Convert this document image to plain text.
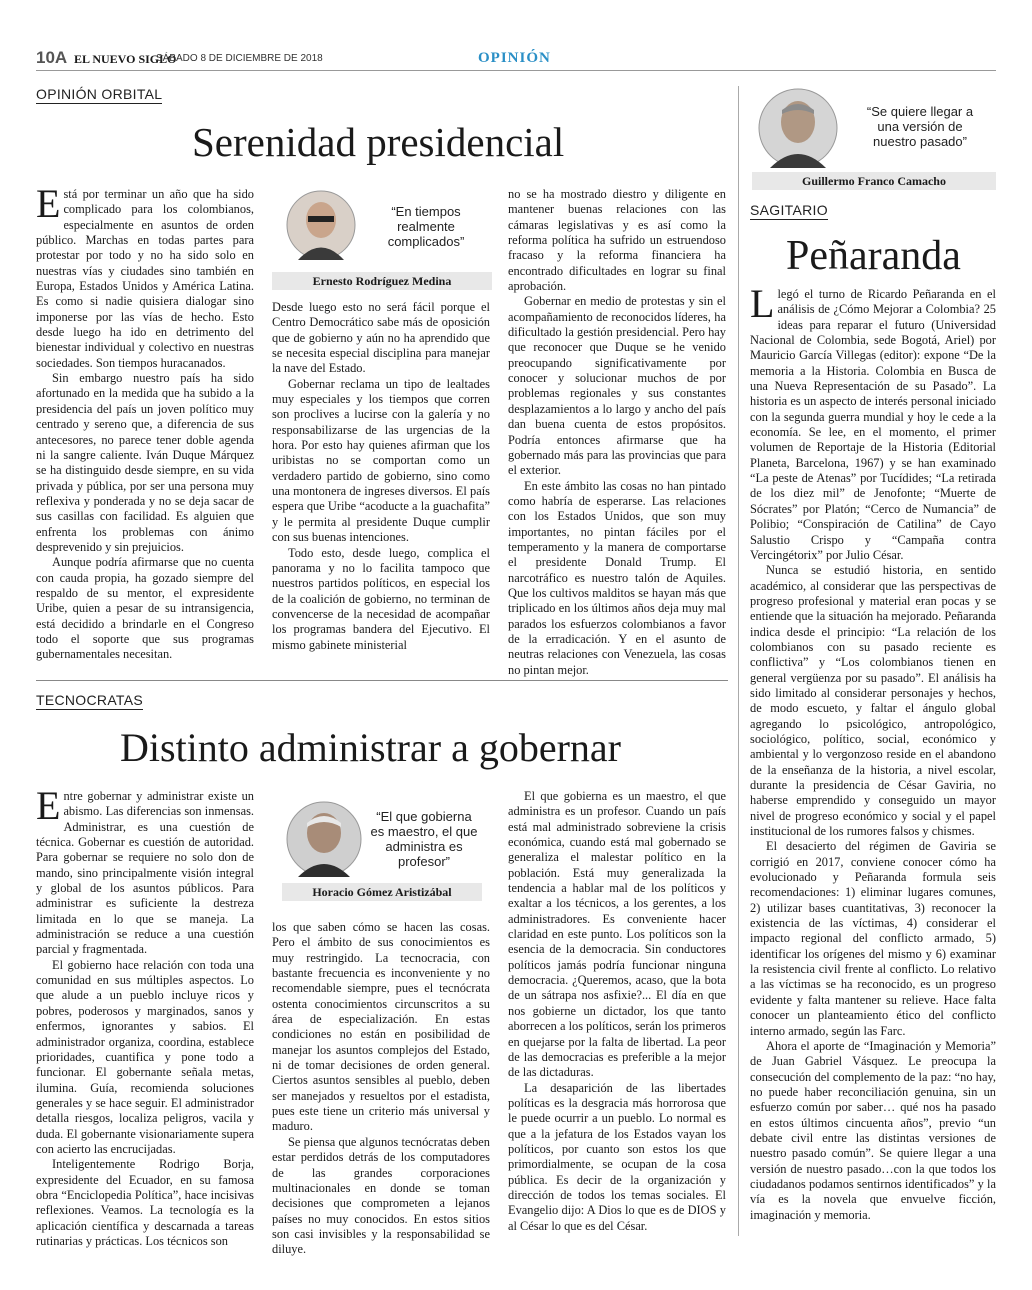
10A EL NUEVO SIGLO
SÁBADO 8 DE DICIEMBRE DE 2018	OPINIÓN
OPINIÓN ORBITAL
Serenidad presidencial

Está por terminar un año que ha sido complicado para los colombianos, especialmente en asuntos de orden público. Marchas en todas partes para protestar por todo y no ha sido solo en nuestras vías y ciudades sino también en Europa, Estados Unidos y América Latina. Es como si nadie quisiera dialogar sino imponerse por las vías de hecho. Esto desde luego ha ido en detrimento del bienestar individual y colectivo en nuestras sociedades. Son tiempos huracanados.

Sin embargo nuestro país ha sido afortunado en la medida que ha subido a la presidencia del país un joven político muy centrado y sereno que, a diferencia de sus antecesores, no parece tener doble agenda ni la sangre caliente. Iván Duque Márquez se ha distinguido desde siempre, en su vida privada y pública, por ser una persona muy reflexiva y ponderada y no se deja sacar de sus casillas con facilidad. Es alguien que enfrenta los problemas con ánimo desprevenido y sin prejuicios.

Aunque podría afirmarse que no cuenta con cauda propia, ha gozado siempre del respaldo de su mentor, el expresidente Uribe, quien a pesar de su intransigencia, está decidido a brindarle en el Congreso todo el soporte que sus programas gubernamentales necesitan.

“En tiempos realmente complicados”
Ernesto Rodríguez Medina

Desde luego esto no será fácil porque el Centro Democrático sabe más de oposición que de gobierno y aún no ha aprendido que se necesita especial disciplina para manejar la nave del Estado.

Gobernar reclama un tipo de lealtades muy especiales y los tiempos que corren son proclives a lucirse con la galería y no responsabilizarse de las urgencias de la hora. Por esto hay quienes afirman que los uribistas no se comportan como un verdadero partido de gobierno, sino como una montonera de ingreses diversos. El país espera que Uribe “acoducte a la guachafita” y le permita al presidente Duque cumplir con sus buenas intenciones.

Todo esto, desde luego, complica el panorama y no lo facilita tampoco que nuestros partidos políticos, en especial los de la coalición de gobierno, no terminan de convencerse de la necesidad de acompañar los programas bandera del Ejecutivo. El mismo gabinete ministerial

no se ha mostrado diestro y diligente en mantener buenas relaciones con las cámaras legislativas y es así como la reforma política ha sufrido un estruendoso fracaso y la reforma financiera ha encontrado dificultades en lograr su final aprobación.

Gobernar en medio de protestas y sin el acompañamiento de reconocidos líderes, ha dificultado la gestión presidencial. Pero hay que reconocer que Duque se he venido preocupando significativamente por conocer y solucionar muchos de por problemas regionales y sus constantes desplazamientos a lo largo y ancho del país dan buena cuenta de estos propósitos. Podría entonces afirmarse que ha gobernado más para las provincias que para el exterior.

En este ámbito las cosas no han pintado como habría de esperarse. Las relaciones con los Estados Unidos, que son muy importantes, no pintan fáciles por el temperamento y la manera de comportarse el presidente Donald Trump. El narcotráfico es nuestro talón de Aquiles. Que los cultivos malditos se hayan más que triplicado en los últimos años deja muy mal parados los esfuerzos colombianos a favor de la erradicación. Y en el asunto de neutras relaciones con Venezuela, las cosas no pintan mejor.

TECNOCRATAS
Distinto administrar a gobernar

Entre gobernar y administrar existe un abismo. Las diferencias son inmensas. Administrar, es una cuestión de técnica. Gobernar es cuestión de autoridad. Para gobernar se requiere no solo don de mando, sino principalmente visión integral y global de los asuntos públicos. Para administrar es suficiente la destreza limitada en lo que se maneja. La administración se reduce a una cuestión parcial y fragmentada.

El gobierno hace relación con toda una comunidad en sus múltiples aspectos. Lo que alude a un pueblo incluye ricos y pobres, poderosos y marginados, sanos y enfermos, ignorantes y sabios. El administrador organiza, coordina, establece prioridades, cuantifica y pone todo a funcionar. El gobernante señala metas, ilumina. Guía, recomienda soluciones generales y se hace seguir. El administrador detalla riesgos, localiza peligros, vacila y duda. El gobernante visionariamente supera con acierto las encrucijadas.

Inteligentemente Rodrigo Borja, expresidente del Ecuador, en su famosa obra “Enciclopedia Política”, hace incisivas reflexiones. Veamos. La tecnología es la aplicación científica y descarnada a tareas rutinarias y prácticas. Los técnicos son

“El que gobierna es maestro, el que administra es profesor”
Horacio Gómez Aristizábal

los que saben cómo se hacen las cosas. Pero el ámbito de sus conocimientos es muy restringido. La tecnocracia, con bastante frecuencia es inconveniente y no recomendable siempre, pues el tecnócrata ostenta conocimientos circunscritos a su área de especialización. En estas condiciones no están en posibilidad de manejar los asuntos complejos del Estado, ni de tomar decisiones de orden general. Ciertos asuntos sensibles al pueblo, deben ser manejados y resueltos por el estadista, pues este tiene un criterio más universal y maduro.

Se piensa que algunos tecnócratas deben estar perdidos detrás de los computadores de las grandes corporaciones multinacionales en donde se toman decisiones que comprometen a lejanos países no muy conocidos. En estos sitios son casi invisibles y la responsabilidad se diluye.

El que gobierna es un maestro, el que administra es un profesor. Cuando un país está mal administrado sobreviene la crisis económica, cuando está mal gobernado se generaliza el malestar político en la población. Está muy generalizada la tendencia a hablar mal de los políticos y exaltar a los técnicos, a los gerentes, a los administradores. Es conveniente hacer claridad en este punto. Los políticos son la esencia de la democracia. Sin conductores políticos jamás podría funcionar ninguna democracia. ¿Queremos, acaso, que la bota de un sátrapa nos asfixie?... El día en que nos gobierne un dictador, los que tanto aborrecen a los políticos, serán los primeros en quejarse por la falta de libertad. La peor de las democracias es preferible a la mejor de las dictaduras.

La desaparición de las libertades políticas es la desgracia más horrorosa que le puede ocurrir a un pueblo. Lo normal es que a la jefatura de los Estados vayan los políticos, por cuanto son estos los que primordialmente, se ocupan de la cosa pública. Es decir de la organización y dirección de todos los temas sociales. El Evangelio dijo: A Dios lo que es de DIOS y al César lo que es del César.

“Se quiere llegar a una versión de nuestro pasado”
Guillermo Franco Camacho
SAGITARIO
Peñaranda

Llegó el turno de Ricardo Peñaranda en el análisis de ¿Cómo Mejorar a Colombia? 25 ideas para reparar el futuro (Universidad Nacional de Colombia, sede Bogotá, Ariel) por Mauricio García Villegas (editor): expone “De la memoria a la Historia. Colombia en Busca de una Nueva Representación de su Pasado”. La historia es un aspecto de interés personal iniciado con la segunda guerra mundial y hoy le cede a la economía. Se lee, en el momento, el primer volumen de Reportaje de la Historia (Editorial Planeta, Barcelona, 1967) y se han examinado “La peste de Atenas” por Tucídides; “La retirada de los diez mil” de Jenofonte; “Muerte de Sócrates” por Platón; “Cerco de Numancia” de Polibio; “Conspiración de Catilina” de Cayo Salustio Crispo y “Campaña contra Vercingétorix” por Julio César.

Nunca se estudió historia, en sentido académico, al considerar que las perspectivas de progreso profesional y material eran pocas y se entiende que la situación ha mejorado. Peñaranda indica desde el principio: “La relación de los colombianos con su pasado reciente es conflictiva” y “Los colombianos tienen en general vergüenza por su pasado”. El análisis ha sido limitado al considerar personajes y hechos, de modo escueto, y faltar el ángulo global agregando lo psicológico, antropológico, sociológico, político, social, económico y ambiental y lo vergonzoso reside en el abandono de la enseñanza de la historia, a nivel escolar, durante la presidencia de César Gaviria, no haberse emprendido y conseguido un mayor nivel de progreso económico y social y el papel institucional de los rumores falsos y chismes.

El desacierto del régimen de Gaviria se corrigió en 2017, conviene conocer cómo ha evolucionado y Peñaranda formula seis recomendaciones: 1) eliminar lugares comunes, 2) utilizar bases cuantitativas, 3) reconocer la existencia de las víctimas, 4) considerar el impacto regional del conflicto armado, 5) identificar los orígenes del mismo y 6) examinar la resistencia civil frente al conflicto. Lo relativo a las víctimas se ha reconocido, es un progreso evidente y falta mantener su relieve. Hace falta conocer un planteamiento ético del conflicto interno armado, según las Farc.

Ahora el aporte de “Imaginación y Memoria” de Juan Gabriel Vásquez. Le preocupa la consecución del complemento de la paz: “no hay, no puede haber reconciliación genuina, sin un esfuerzo común por saber… qué nos ha pasado en estos últimos cincuenta años”, previo “un debate civil entre las distintas versiones de nuestro pasado común”. Se quiere llegar a una versión de nuestro pasado…con la que todos los ciudadanos podamos sentirnos identificados” y la vía es la novela que envuelve ficción, imaginación y memoria.
